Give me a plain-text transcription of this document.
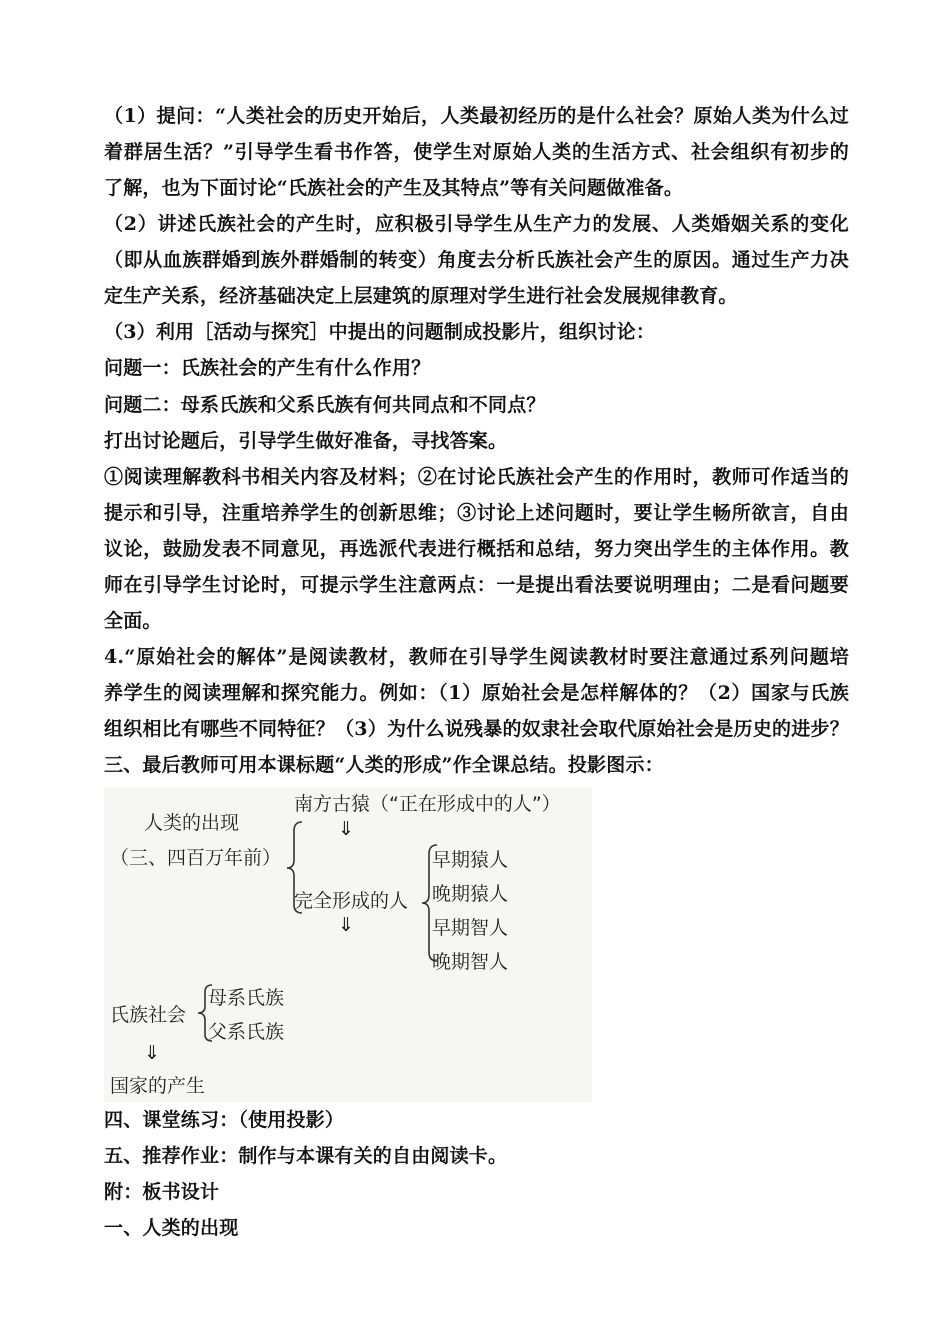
（1）提问：“人类社会的历史开始后，人类最初经历的是什么社会？原始人类为什么过
着群居生活？”引导学生看书作答，使学生对原始人类的生活方式、社会组织有初步的
了解，也为下面讨论“氏族社会的产生及其特点”等有关问题做准备。
（2）讲述氏族社会的产生时，应积极引导学生从生产力的发展、人类婚姻关系的变化
（即从血族群婚到族外群婚制的转变）角度去分析氏族社会产生的原因。通过生产力决
定生产关系，经济基础决定上层建筑的原理对学生进行社会发展规律教育。
（3）利用［活动与探究］中提出的问题制成投影片，组织讨论：
问题一：氏族社会的产生有什么作用？
问题二：母系氏族和父系氏族有何共同点和不同点？
打出讨论题后，引导学生做好准备，寻找答案。
①阅读理解教科书相关内容及材料；②在讨论氏族社会产生的作用时，教师可作适当的
提示和引导，注重培养学生的创新思维；③讨论上述问题时，要让学生畅所欲言，自由
议论，鼓励发表不同意见，再选派代表进行概括和总结，努力突出学生的主体作用。教
师在引导学生讨论时，可提示学生注意两点：一是提出看法要说明理由；二是看问题要
全面。
4.“原始社会的解体”是阅读教材，教师在引导学生阅读教材时要注意通过系列问题培
养学生的阅读理解和探究能力。例如：（1）原始社会是怎样解体的？（2）国家与氏族
组织相比有哪些不同特征？（3）为什么说残暴的奴隶社会取代原始社会是历史的进步？
三、最后教师可用本课标题“人类的形成”作全课总结。投影图示：
南方古猿（“正在形成中的人”）
⇓
人类的出现
（三、四百万年前）
完全形成的人
⇓
早期猿人
晚期猿人
早期智人
晚期智人
氏族社会
母系氏族
父系氏族
⇓
国家的产生
四、课堂练习：（使用投影）
五、推荐作业：制作与本课有关的自由阅读卡。
附：板书设计
一、人类的出现
